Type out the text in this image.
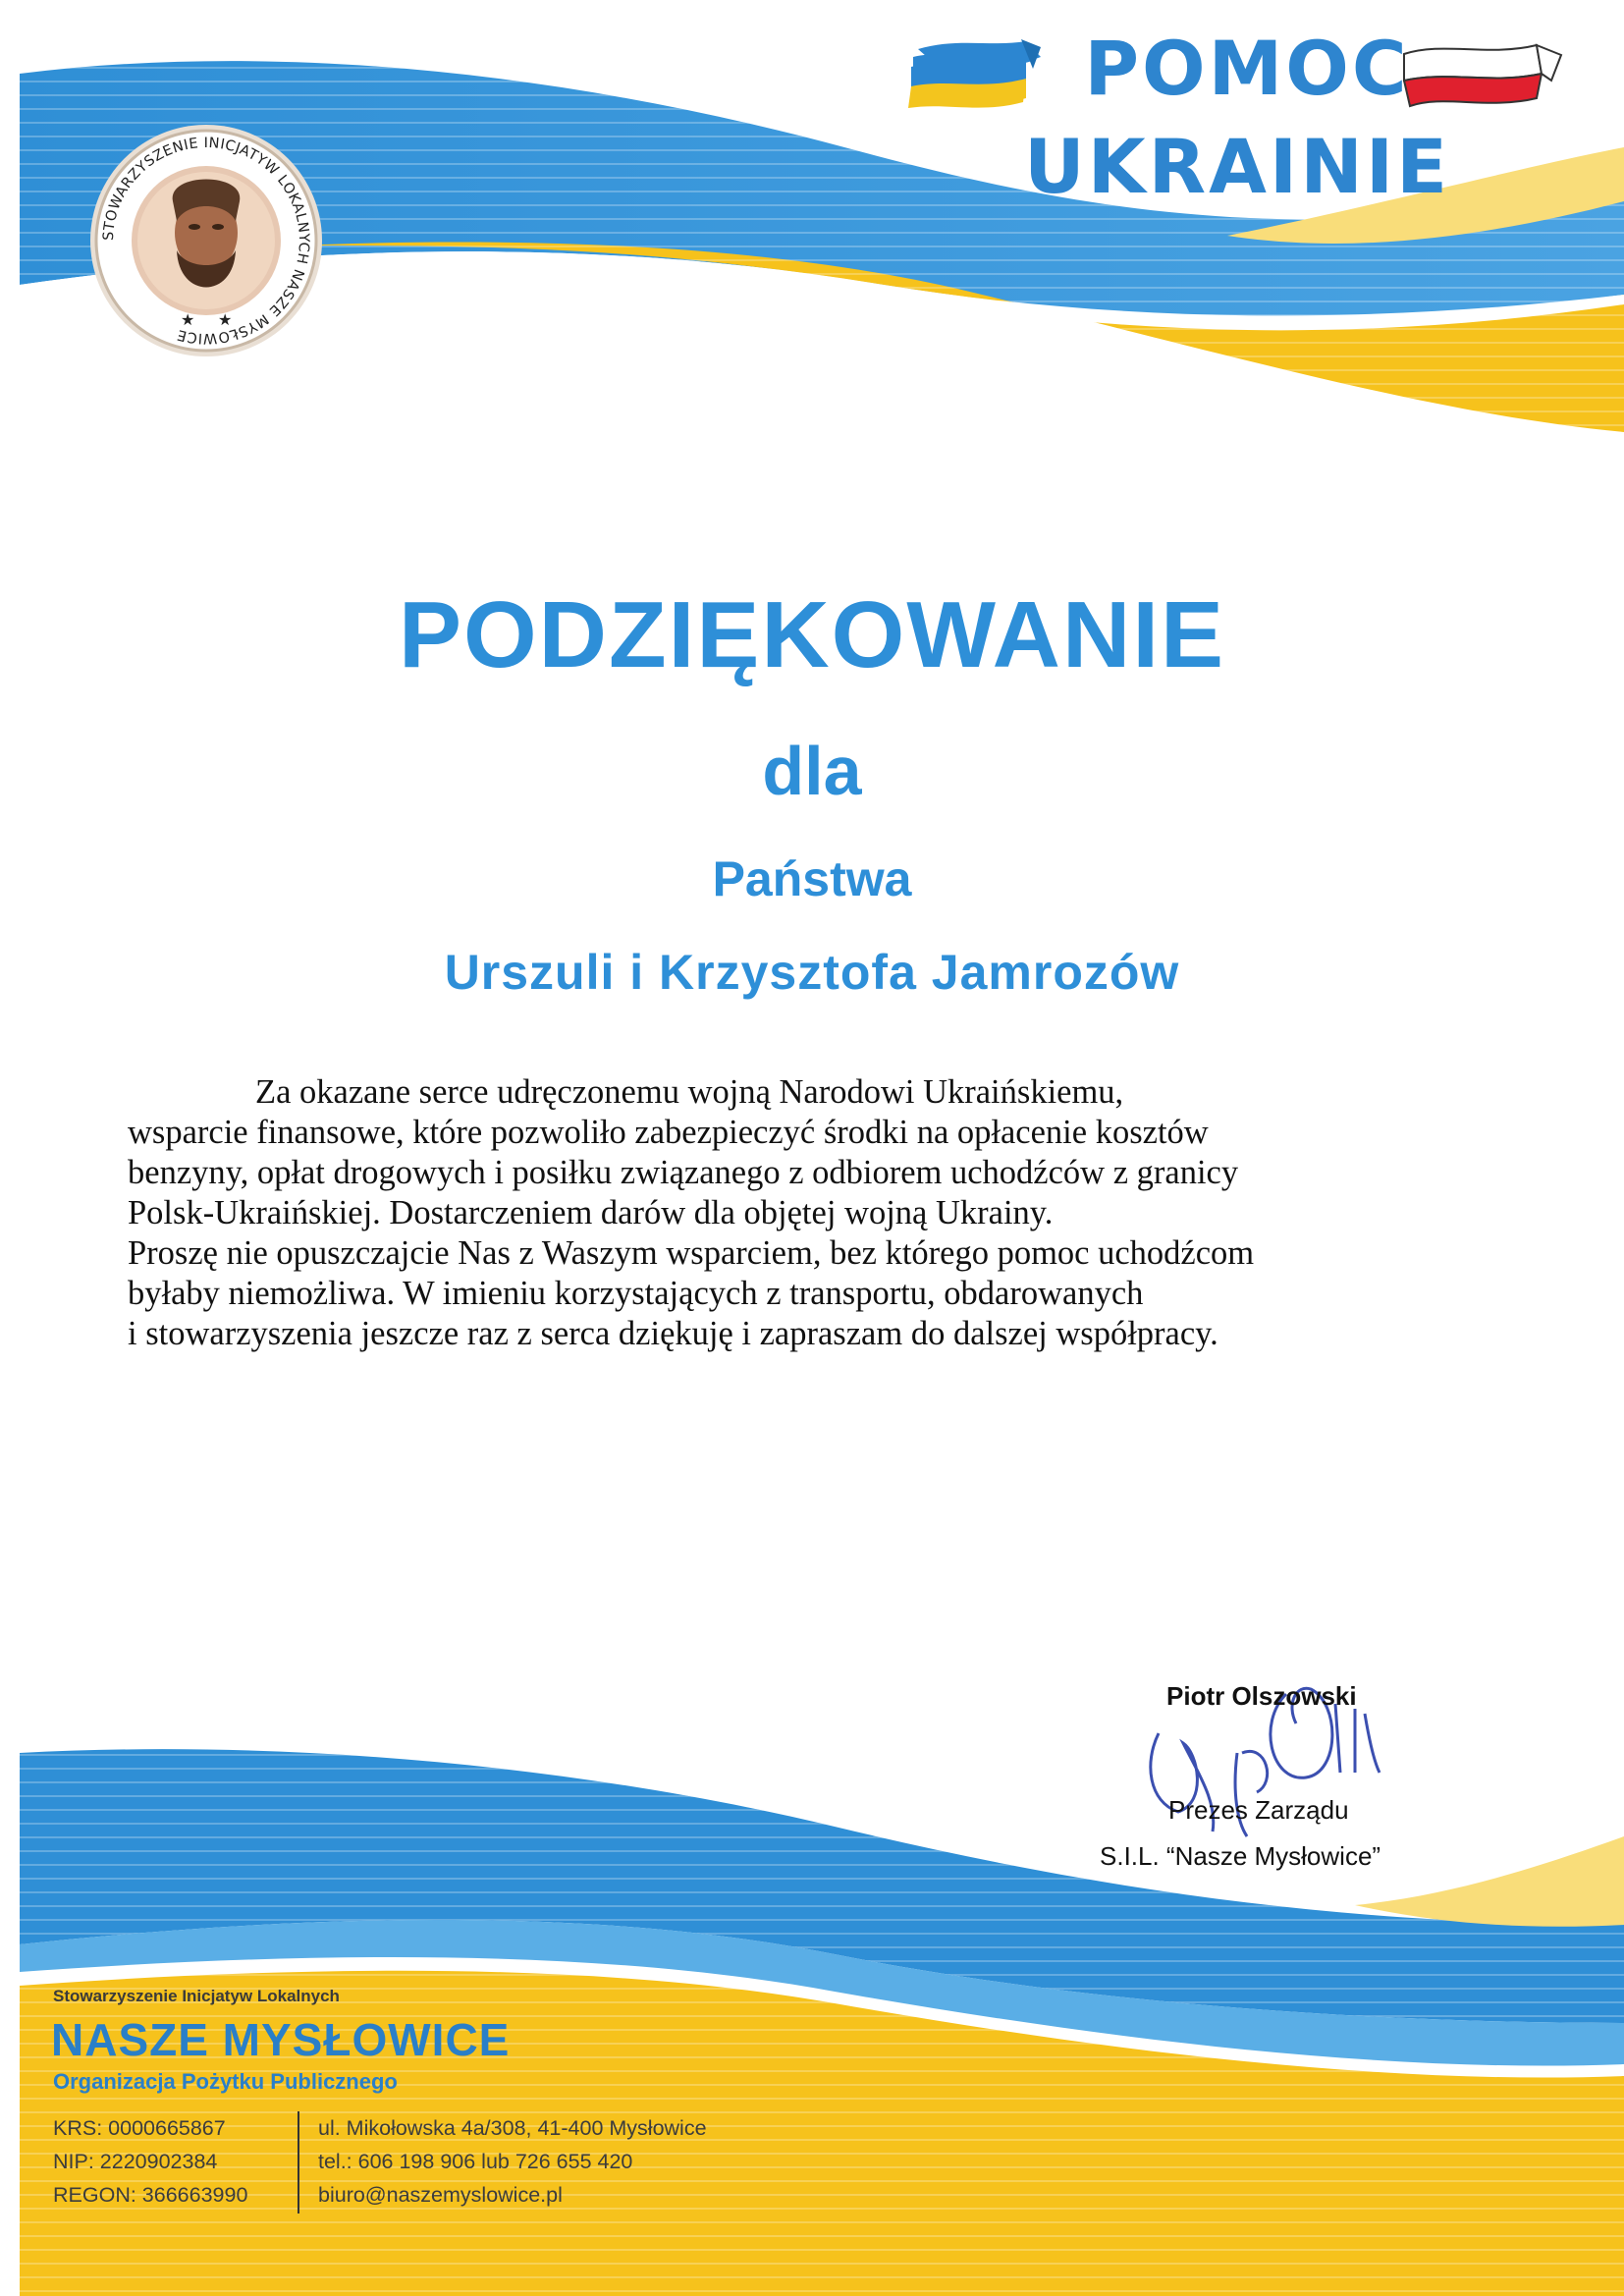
★ ★
STOWARZYSZENIE INICJATYW LOKALNYCH NASZE MYSŁOWICE
POMOC
UKRAINIE
PODZIĘKOWANIE
dla
Państwa
Urszuli i Krzysztofa Jamrozów

Za okazane serce udręczonemu wojną Narodowi Ukraińskiemu,

wsparcie finansowe, które pozwoliło zabezpieczyć środki na opłacenie kosztów

benzyny, opłat drogowych i posiłku związanego z odbiorem uchodźców z granicy

Polsk-Ukraińskiej. Dostarczeniem darów dla objętej wojną Ukrainy.

Proszę nie opuszczajcie Nas z Waszym wsparciem, bez którego pomoc uchodźcom

byłaby niemożliwa. W imieniu korzystających z transportu, obdarowanych

i stowarzyszenia jeszcze raz z serca dziękuję i zapraszam do dalszej współpracy.

Piotr Olszowski
Prezes Zarządu
S.I.L. “Nasze Mysłowice”
Stowarzyszenie Inicjatyw Lokalnych
NASZE MYSŁOWICE
Organizacja Pożytku Publicznego
KRS: 0000665867
NIP: 2220902384
REGON: 366663990
ul. Mikołowska 4a/308, 41-400 Mysłowice
tel.: 606 198 906 lub 726 655 420
biuro@naszemyslowice.pl
